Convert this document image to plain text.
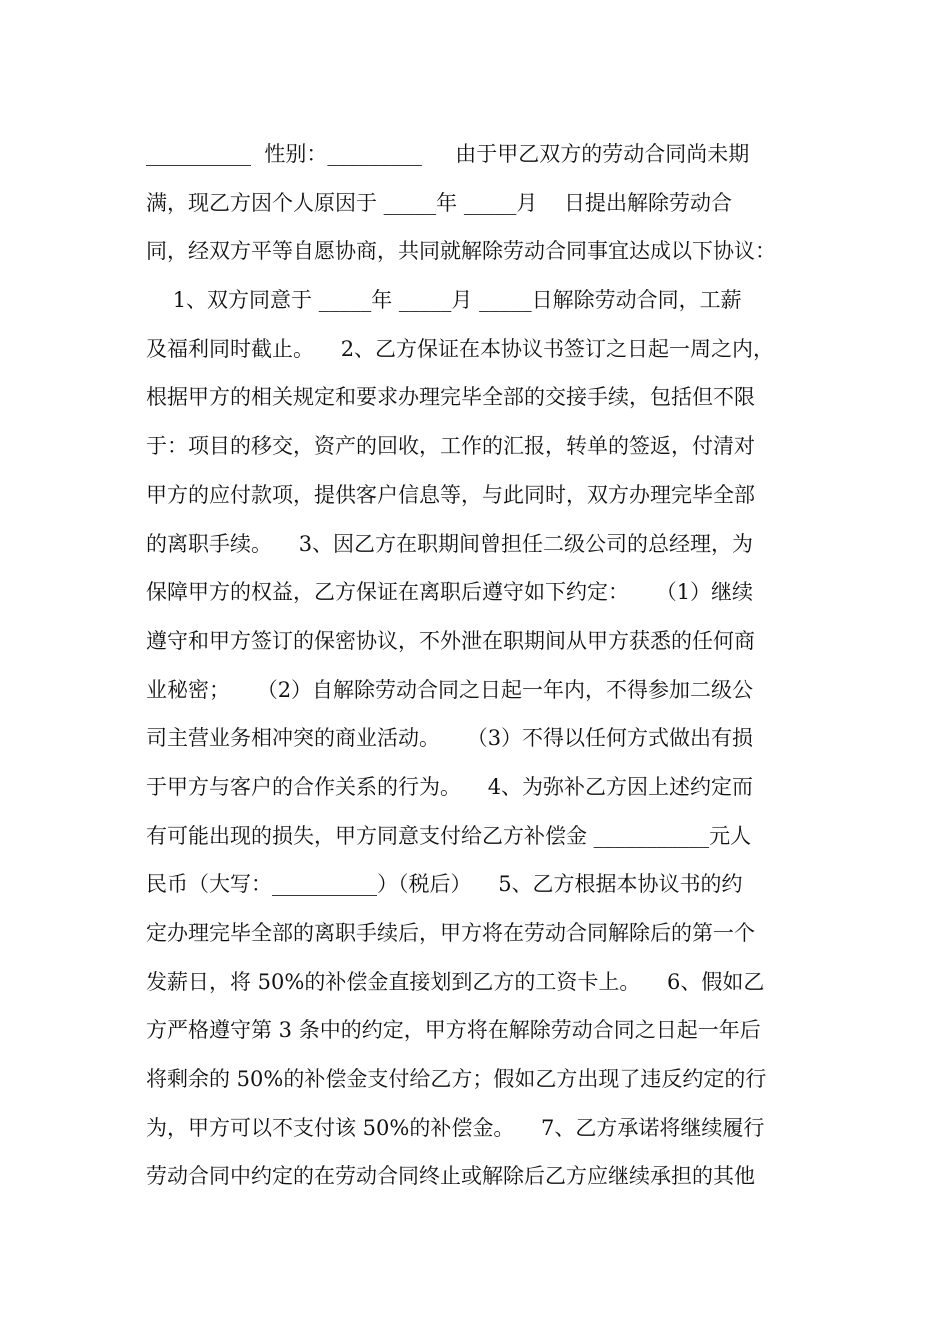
__________  性别：_________     由于甲乙双方的劳动合同尚未期
满，现乙方因个人原因于 _____年 _____月    日提出解除劳动合
同，经双方平等自愿协商，共同就解除劳动合同事宜达成以下协议：
1、双方同意于 _____年 _____月 _____日解除劳动合同，工薪
及福利同时截止。    2、乙方保证在本协议书签订之日起一周之内，
根据甲方的相关规定和要求办理完毕全部的交接手续，包括但不限
于：项目的移交，资产的回收，工作的汇报，转单的签返，付清对
甲方的应付款项，提供客户信息等，与此同时，双方办理完毕全部
的离职手续。    3、因乙方在职期间曾担任二级公司的总经理，为
保障甲方的权益，乙方保证在离职后遵守如下约定：    （1）继续
遵守和甲方签订的保密协议，不外泄在职期间从甲方获悉的任何商
业秘密；    （2）自解除劳动合同之日起一年内，不得参加二级公
司主营业务相冲突的商业活动。    （3）不得以任何方式做出有损
于甲方与客户的合作关系的行为。    4、为弥补乙方因上述约定而
有可能出现的损失，甲方同意支付给乙方补偿金 ___________元人
民币（大写：__________）（税后）    5、乙方根据本协议书的约
定办理完毕全部的离职手续后，甲方将在劳动合同解除后的第一个
发薪日，将 50%的补偿金直接划到乙方的工资卡上。    6、假如乙
方严格遵守第 3 条中的约定，甲方将在解除劳动合同之日起一年后
将剩余的 50%的补偿金支付给乙方；假如乙方出现了违反约定的行
为，甲方可以不支付该 50%的补偿金。    7、乙方承诺将继续履行
劳动合同中约定的在劳动合同终止或解除后乙方应继续承担的其他
